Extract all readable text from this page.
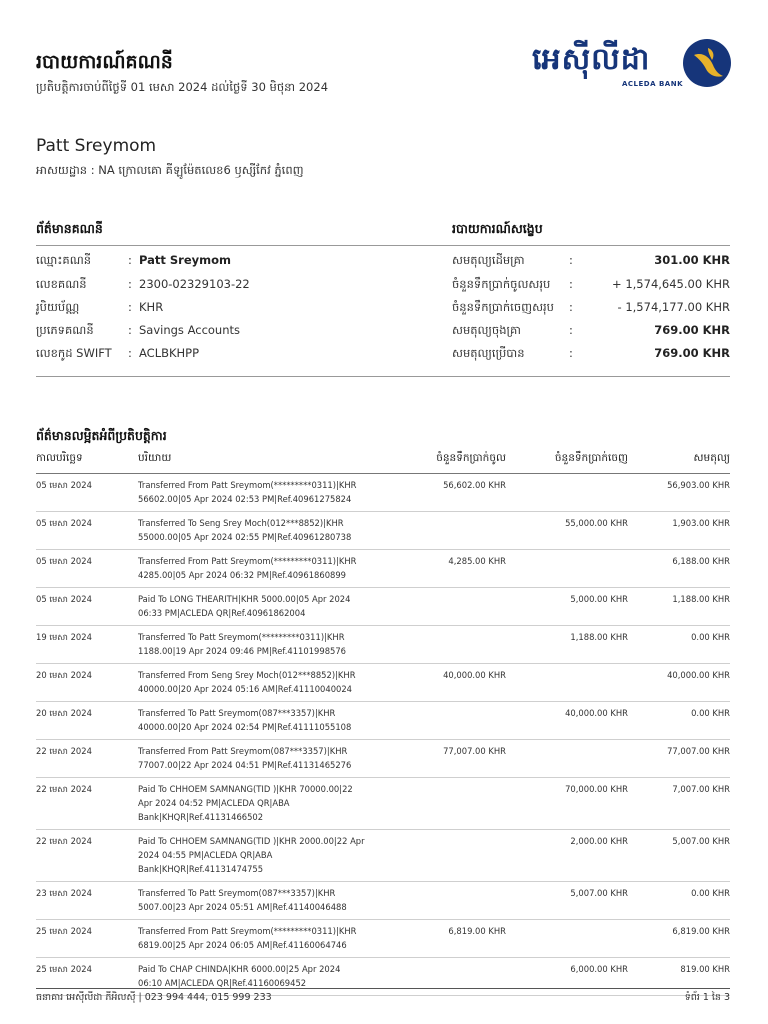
របាយការណ៍គណនី
ប្រតិបត្តិការចាប់ពីថ្ងៃទី 01 មេសា 2024 ដល់ថ្ងៃទី 30 មិថុនា 2024
អេស៊ីលីដា
ACLEDA BANK
Patt Sreymom
អាសយដ្ឋាន : NA ក្រោលគោ គីឡូម៉ែតលេខ6 ឫស្សីកែវ ភ្នំពេញ
ព័ត៌មានគណនី	របាយការណ៍សង្ខេប
ឈ្មោះគណនី	: Patt Sreymom
លេខគណនី	: 2300-02329103-22
រូបិយប័ណ្ណ	: KHR
ប្រភេទគណនី	: Savings Accounts
លេខកូដ SWIFT : ACLBKHPP
សមតុល្យដើមគ្រា	:	301.00 KHR
ចំនួនទឹកប្រាក់ចូលសរុប :	+ 1,574,645.00 KHR
ចំនួនទឹកប្រាក់ចេញសរុប :	- 1,574,177.00 KHR
សមតុល្យចុងគ្រា	:	769.00 KHR
សមតុល្យប្រើបាន	:	769.00 KHR
ព័ត៌មានលម្អិតអំពីប្រតិបត្តិការ
កាលបរិច្ឆេទ	បរិយាយ	ចំនួនទឹកប្រាក់ចូល	ចំនួនទឹកប្រាក់ចេញ	សមតុល្យ
05 មេសា 2024	Transferred From Patt Sreymom(*********0311)|KHR
56602.00|05 Apr 2024 02:53 PM|Ref.40961275824	56,602.00 KHR		56,903.00 KHR
05 មេសា 2024	Transferred To Seng Srey Moch(012***8852)|KHR
55000.00|05 Apr 2024 02:55 PM|Ref.40961280738		55,000.00 KHR	1,903.00 KHR
05 មេសា 2024	Transferred From Patt Sreymom(*********0311)|KHR
4285.00|05 Apr 2024 06:32 PM|Ref.40961860899	4,285.00 KHR		6,188.00 KHR
05 មេសា 2024	Paid To LONG THEARITH|KHR 5000.00|05 Apr 2024
06:33 PM|ACLEDA QR|Ref.40961862004		5,000.00 KHR	1,188.00 KHR
19 មេសា 2024	Transferred To Patt Sreymom(*********0311)|KHR
1188.00|19 Apr 2024 09:46 PM|Ref.41101998576		1,188.00 KHR	0.00 KHR
20 មេសា 2024	Transferred From Seng Srey Moch(012***8852)|KHR
40000.00|20 Apr 2024 05:16 AM|Ref.41110040024	40,000.00 KHR		40,000.00 KHR
20 មេសា 2024	Transferred To Patt Sreymom(087***3357)|KHR
40000.00|20 Apr 2024 02:54 PM|Ref.41111055108		40,000.00 KHR	0.00 KHR
22 មេសា 2024	Transferred From Patt Sreymom(087***3357)|KHR
77007.00|22 Apr 2024 04:51 PM|Ref.41131465276	77,007.00 KHR		77,007.00 KHR
22 មេសា 2024	Paid To CHHOEM SAMNANG(TID )|KHR 70000.00|22
Apr 2024 04:52 PM|ACLEDA QR|ABA
Bank|KHQR|Ref.41131466502		70,000.00 KHR	7,007.00 KHR
22 មេសា 2024	Paid To CHHOEM SAMNANG(TID )|KHR 2000.00|22 Apr
2024 04:55 PM|ACLEDA QR|ABA
Bank|KHQR|Ref.41131474755		2,000.00 KHR	5,007.00 KHR
23 មេសា 2024	Transferred To Patt Sreymom(087***3357)|KHR
5007.00|23 Apr 2024 05:51 AM|Ref.41140046488		5,007.00 KHR	0.00 KHR
25 មេសា 2024	Transferred From Patt Sreymom(*********0311)|KHR
6819.00|25 Apr 2024 06:05 AM|Ref.41160064746	6,819.00 KHR		6,819.00 KHR
25 មេសា 2024	Paid To CHAP CHINDA|KHR 6000.00|25 Apr 2024
06:10 AM|ACLEDA QR|Ref.41160069452		6,000.00 KHR	819.00 KHR
ធនាគារ អេស៊ីលីដា ភីអិលស៊ី | 023 994 444, 015 999 233	ទំព័រ 1 នៃ 3
